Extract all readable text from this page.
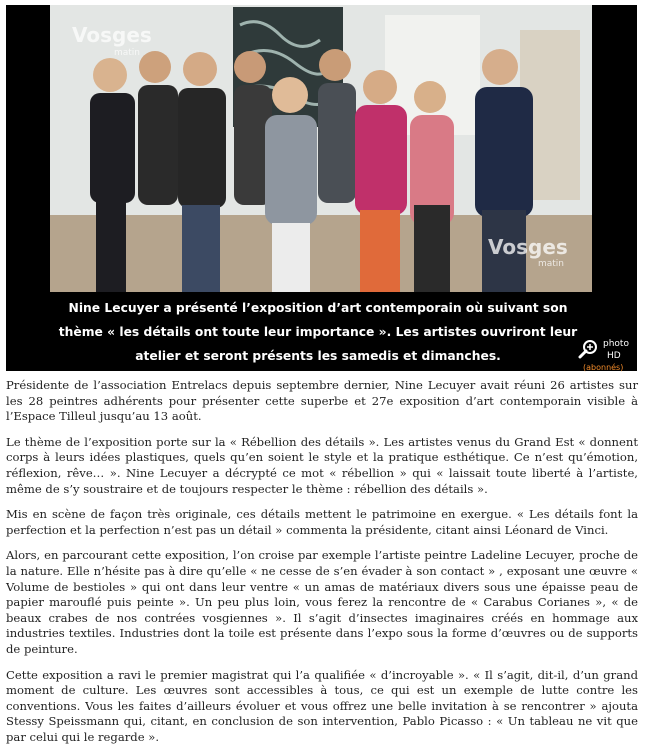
Vosges
matin
Vosges
matin
Nine Lecuyer a présenté l’exposition d’art contemporain où suivant son thème « les détails ont toute leur importance ». Les artistes ouvriront leur atelier et seront présents les samedis et dimanches.
photo
HD
(abonnés)

Présidente de l’association Entrelacs depuis septembre dernier, Nine Lecuyer avait réuni 26 artistes sur les 28 peintres adhérents pour présenter cette superbe et 27e exposition d’art contemporain visible à l’Espace Tilleul jusqu’au 13 août.

Le thème de l’exposition porte sur la « Rébellion des détails ». Les artistes venus du Grand Est « donnent corps à leurs idées plastiques, quels qu’en soient le style et la pratique esthétique. Ce n’est qu’émotion, réflexion, rêve… ». Nine Lecuyer a décrypté ce mot « rébellion » qui « laissait toute liberté à l’artiste, même de s’y soustraire et de toujours respecter le thème : rébellion des détails ».

Mis en scène de façon très originale, ces détails mettent le patrimoine en exergue. « Les détails font la perfection et la perfection n’est pas un détail » commenta la présidente, citant ainsi Léonard de Vinci.

Alors, en parcourant cette exposition, l’on croise par exemple l’artiste peintre Ladeline Lecuyer, proche de la nature. Elle n’hésite pas à dire qu’elle « ne cesse de s’en évader à son contact » , exposant une œuvre « Volume de bestioles » qui ont dans leur ventre « un amas de matériaux divers sous une épaisse peau de papier marouflé puis peinte ». Un peu plus loin, vous ferez la rencontre de « Carabus Corianes », « de beaux crabes de nos contrées vosgiennes ». Il s’agit d’insectes imaginaires créés en hommage aux industries textiles. Industries dont la toile est présente dans l’expo sous la forme d’œuvres ou de supports de peinture.

Cette exposition a ravi le premier magistrat qui l’a qualifiée « d’incroyable ». « Il s’agit, dit-il, d’un grand moment de culture. Les œuvres sont accessibles à tous, ce qui est un exemple de lutte contre les conventions. Vous les faites d’ailleurs évoluer et vous offrez une belle invitation à se rencontrer » ajouta Stessy Speissmann qui, citant, en conclusion de son intervention, Pablo Picasso : « Un tableau ne vit que par celui qui le regarde ».
